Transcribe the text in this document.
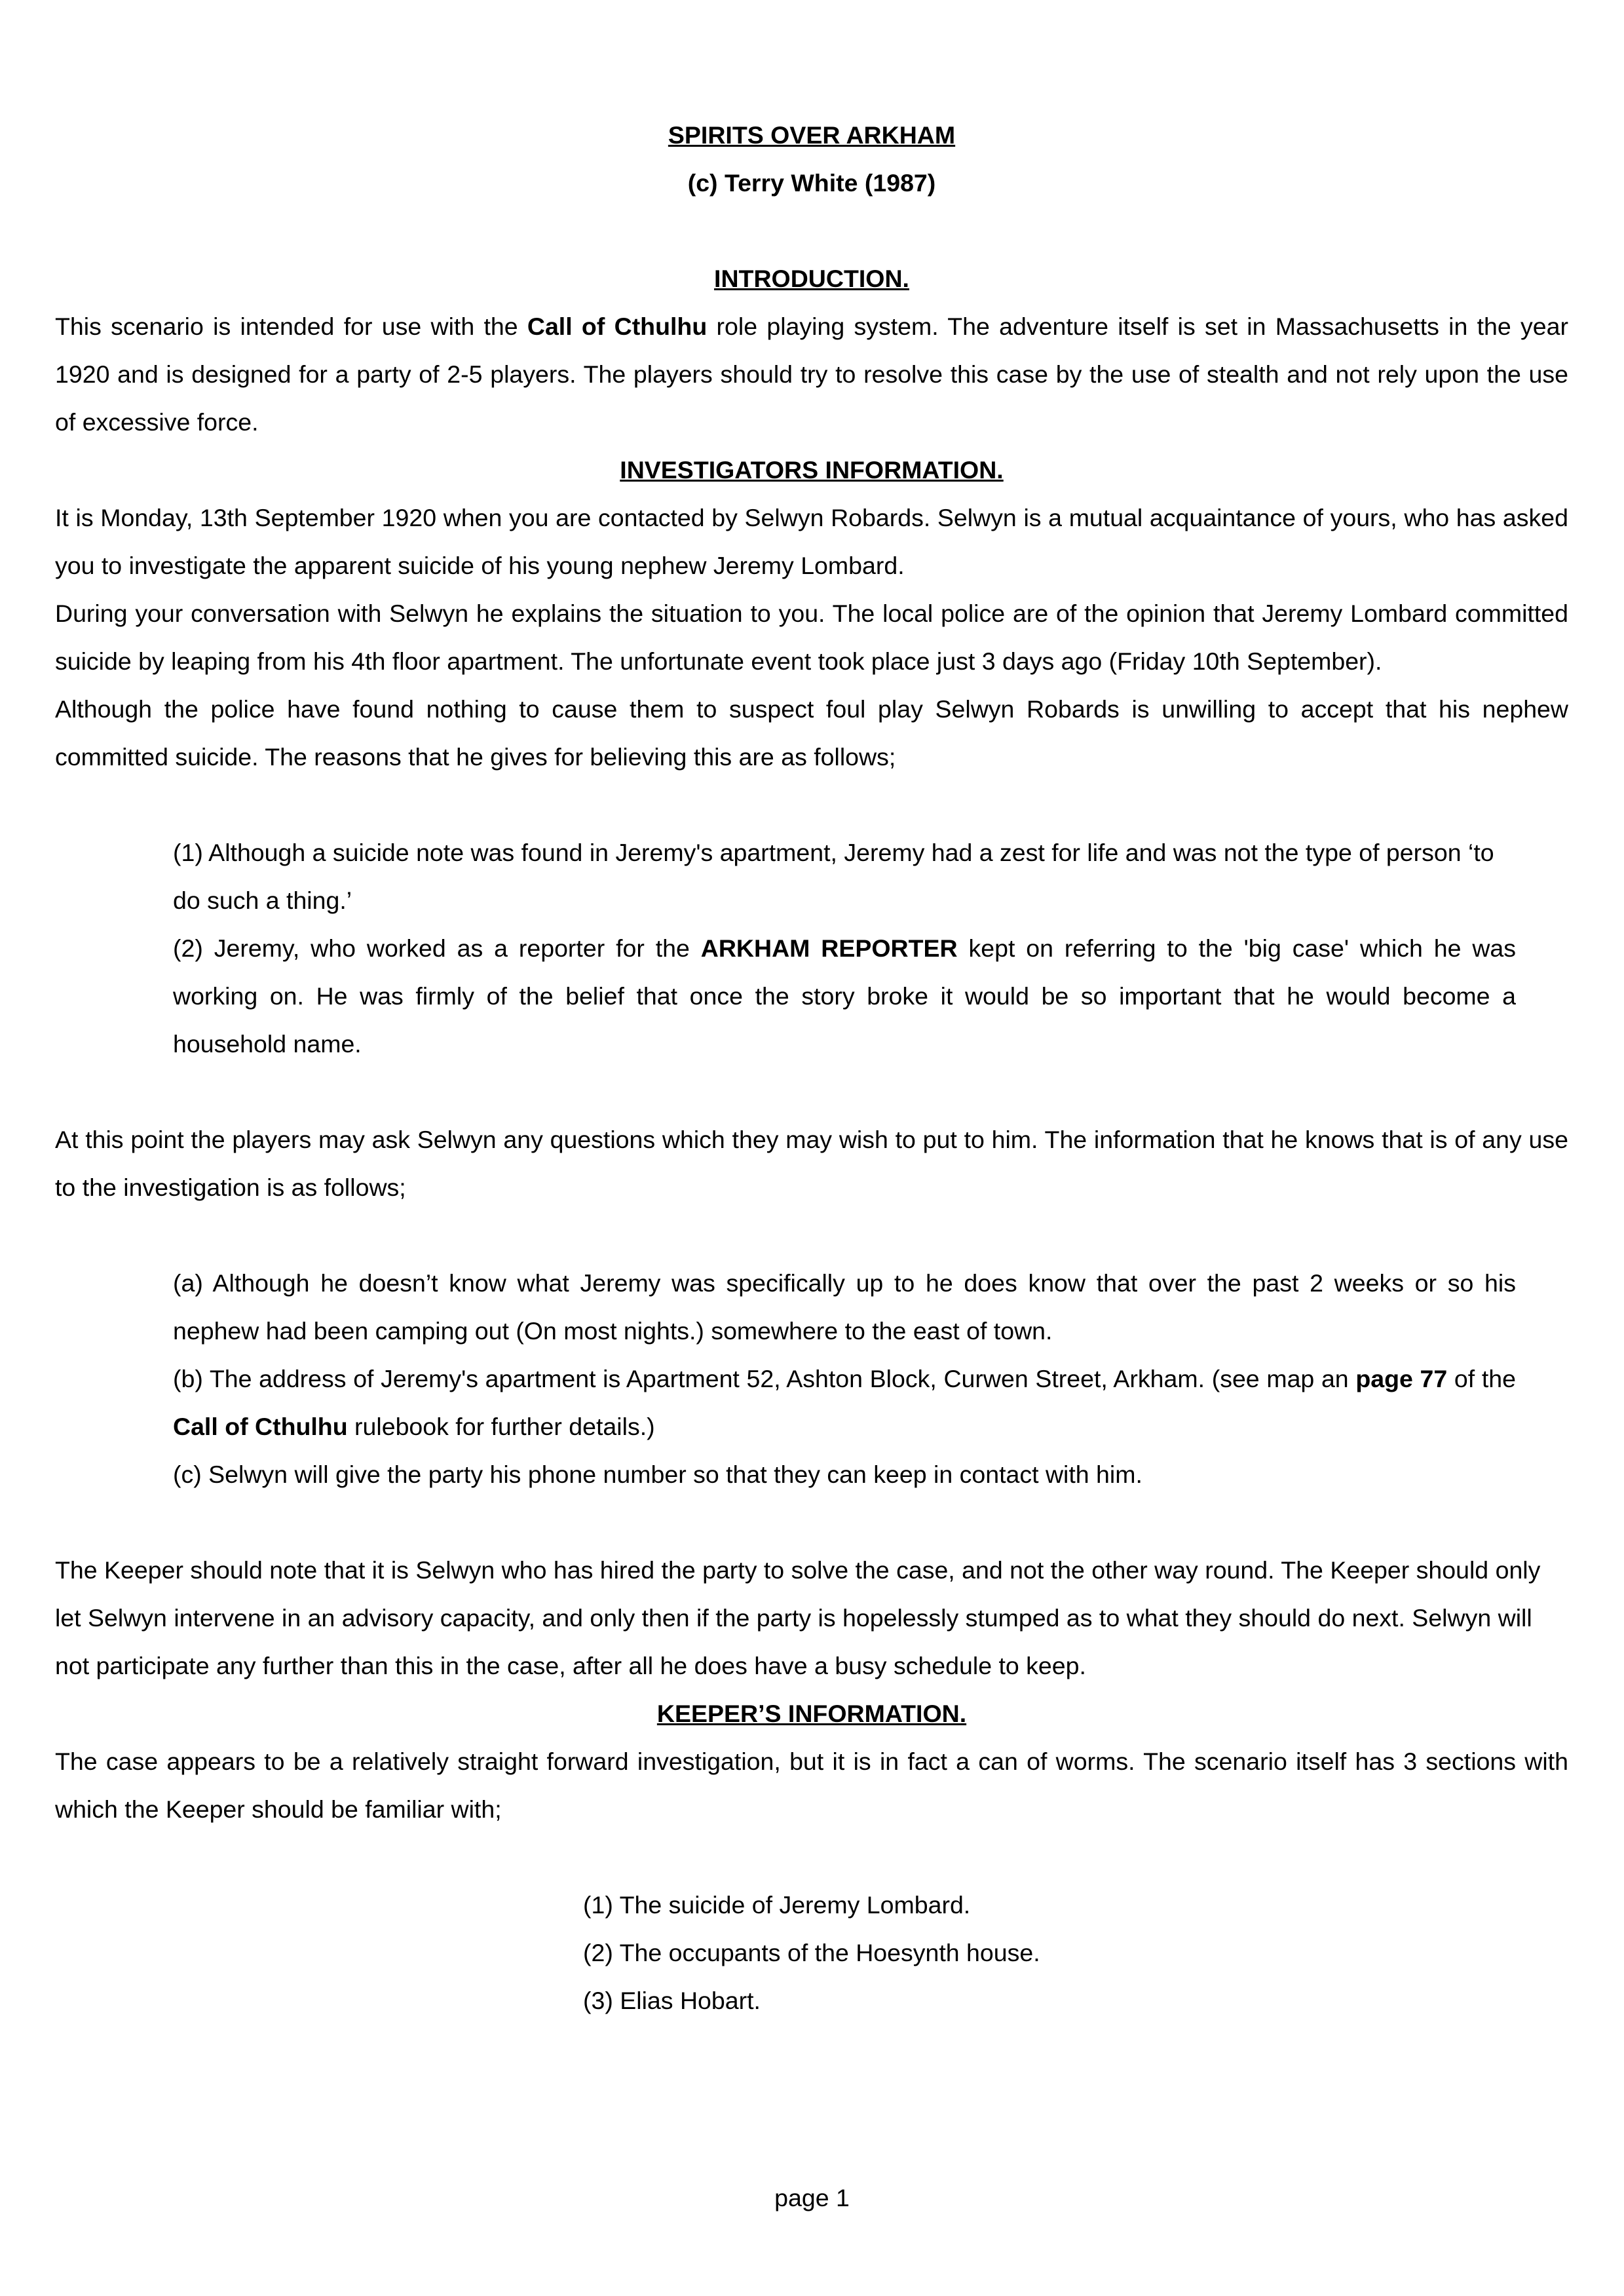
SPIRITS OVER ARKHAM
(c) Terry White (1987)
INTRODUCTION.

This scenario is intended for use with the Call of Cthulhu role playing system. The adventure itself is set in Massachusetts in the year 1920 and is designed for a party of 2-5 players. The players should try to resolve this case by the use of stealth and not rely upon the use of excessive force.

INVESTIGATORS INFORMATION.

It is Monday, 13th September 1920 when you are contacted by Selwyn Robards. Selwyn is a mutual acquaintance of yours, who has asked you to investigate the apparent suicide of his young nephew Jeremy Lombard.

During your conversation with Selwyn he explains the situation to you. The local police are of the opinion that Jeremy Lombard committed suicide by leaping from his 4th floor apartment. The unfortunate event took place just 3 days ago (Friday 10th September).

Although the police have found nothing to cause them to suspect foul play Selwyn Robards is unwilling to accept that his nephew committed suicide. The reasons that he gives for believing this are as follows;

(1) Although a suicide note was found in Jeremy's apartment, Jeremy had a zest for life and was not the type of person ‘to do such a thing.’

(2) Jeremy, who worked as a reporter for the ARKHAM REPORTER kept on referring to the 'big case' which he was working on. He was firmly of the belief that once the story broke it would be so important that he would become a household name.

At this point the players may ask Selwyn any questions which they may wish to put to him. The information that he knows that is of any use to the investigation is as follows;

(a) Although he doesn’t know what Jeremy was specifically up to he does know that over the past 2 weeks or so his nephew had been camping out (On most nights.) somewhere to the east of town.

(b) The address of Jeremy's apartment is Apartment 52, Ashton Block, Curwen Street, Arkham. (see map an page 77 of the Call of Cthulhu rulebook for further details.)

(c) Selwyn will give the party his phone number so that they can keep in contact with him.

The Keeper should note that it is Selwyn who has hired the party to solve the case, and not the other way round. The Keeper should only let Selwyn intervene in an advisory capacity, and only then if the party is hopelessly stumped as to what they should do next. Selwyn will not participate any further than this in the case, after all he does have a busy schedule to keep.

KEEPER’S INFORMATION.

The case appears to be a relatively straight forward investigation, but it is in fact a can of worms. The scenario itself has 3 sections with which the Keeper should be familiar with;

(1) The suicide of Jeremy Lombard.
(2) The occupants of the Hoesynth house.
(3) Elias Hobart.
page 1
